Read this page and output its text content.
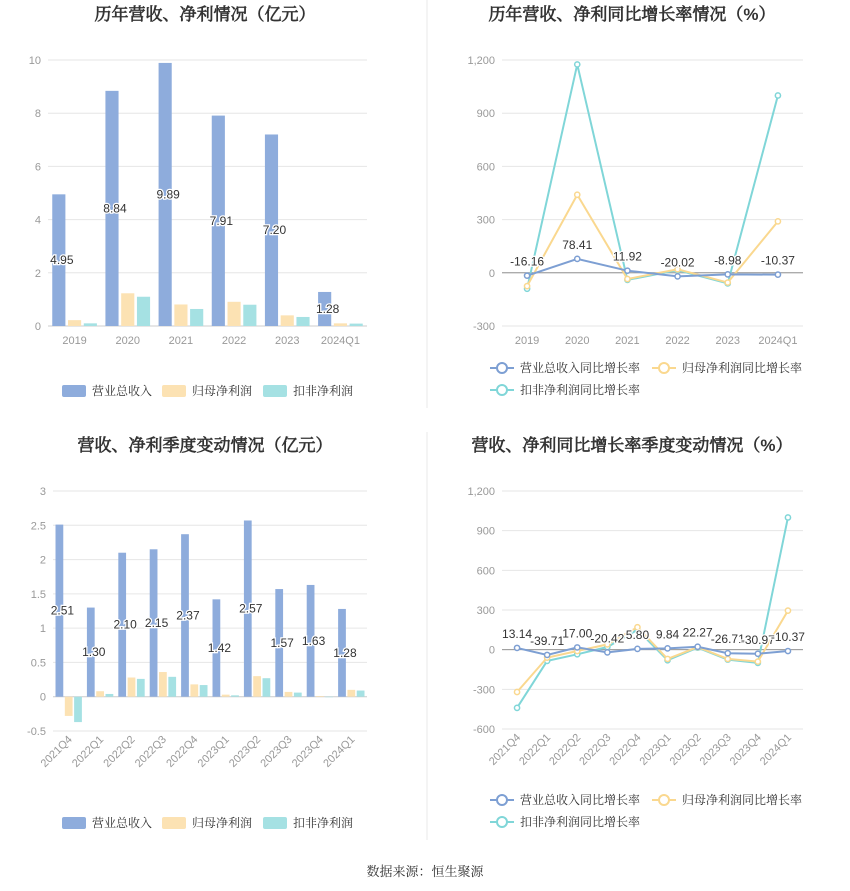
历年营收、净利情况（亿元）
0
2
4
6
8
10
2019	2020	2021	2022	2023 2024Q1
4.95
8.84
9.89
7.91
7.20
1.28
营业总收入	归母净利润	扣非净利润
历年营收、净利同比增长率情况（%）
-300
0
300
600
900
1,200
2019 2020 2021 2022 2023 2024Q1
-16.16
78.41
11.92 -20.02 -8.98 -10.37
营业总收入同比增长率	归母净利润同比增长率
扣非净利润同比增长率
营收、净利季度变动情况（亿元）
-0.5
0
0.5
1
1.5
2
2.5
3
2021Q4
2022Q1
2022Q2
2022Q3
2022Q4
2023Q1
2023Q2
2023Q3
2023Q4
2024Q1
2.51
1.30
2.10 2.15
2.37
1.42
2.57
1.57 1.63
1.28
营业总收入	归母净利润	扣非净利润
营收、净利同比增长率季度变动情况（%）
-600
-300
0
300
600
900
1,200
2021Q4
2022Q1
2022Q2
2022Q3
2022Q4
2023Q1
2023Q2
2023Q3
2023Q4
2024Q1
13.14
-39.71
17.00
-20.42 5.80 9.84 22.27
-26.71
-30.97
-10.37
营业总收入同比增长率	归母净利润同比增长率
扣非净利润同比增长率
数据来源：恒生聚源
